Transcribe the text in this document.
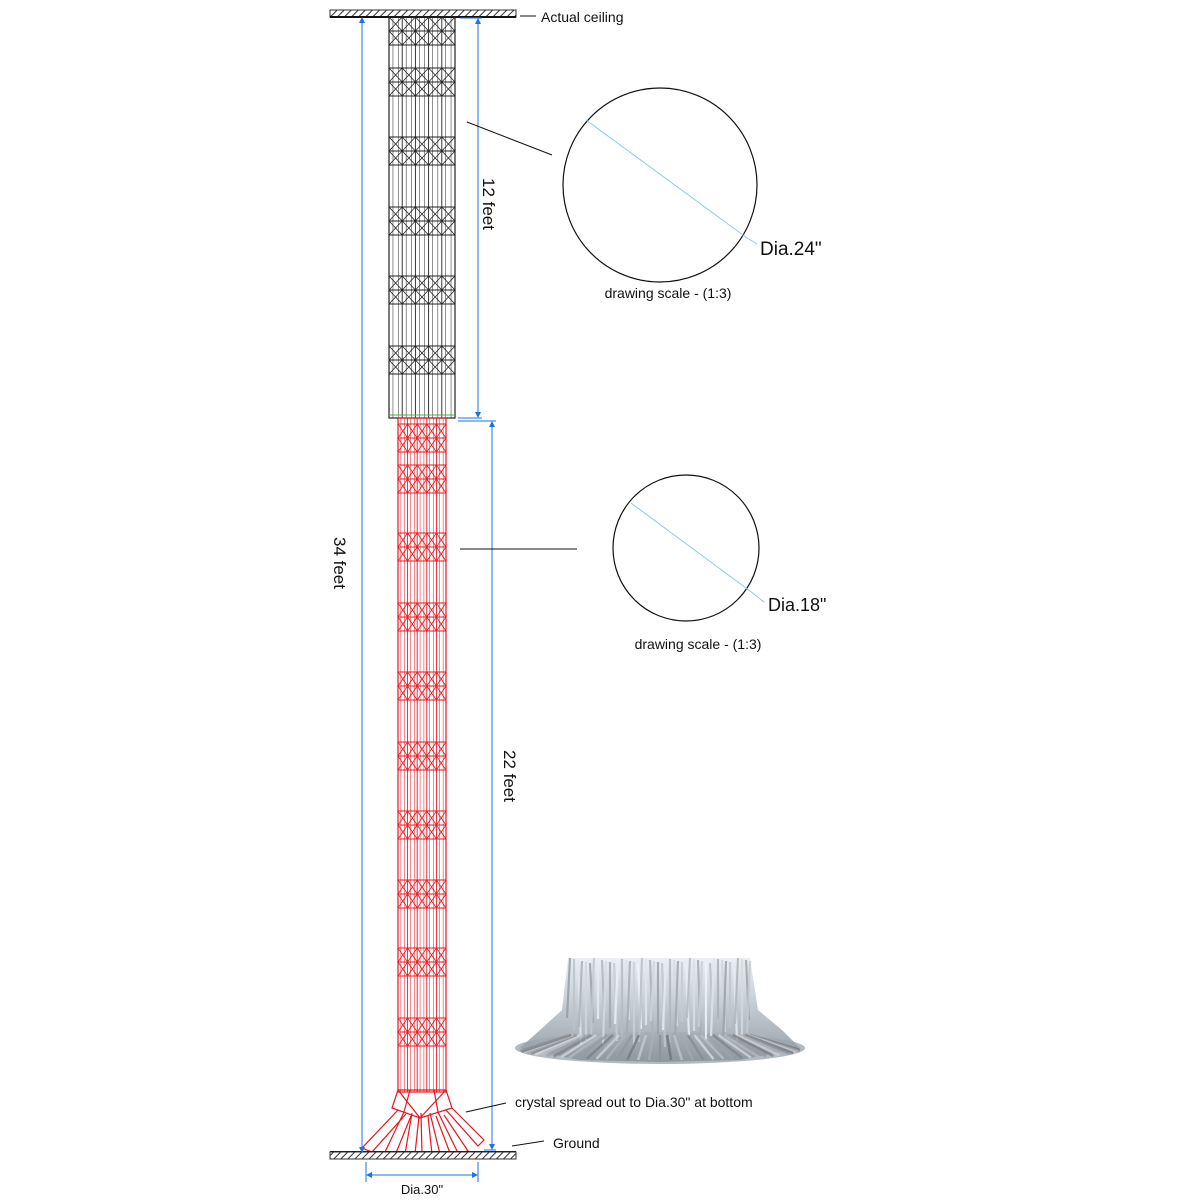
Actual ceiling
Ground
Dia.30"
34 feet
12 feet
22 feet
Dia.24"
drawing scale - (1:3)
Dia.18"
drawing scale - (1:3)
crystal spread out to Dia.30" at bottom
